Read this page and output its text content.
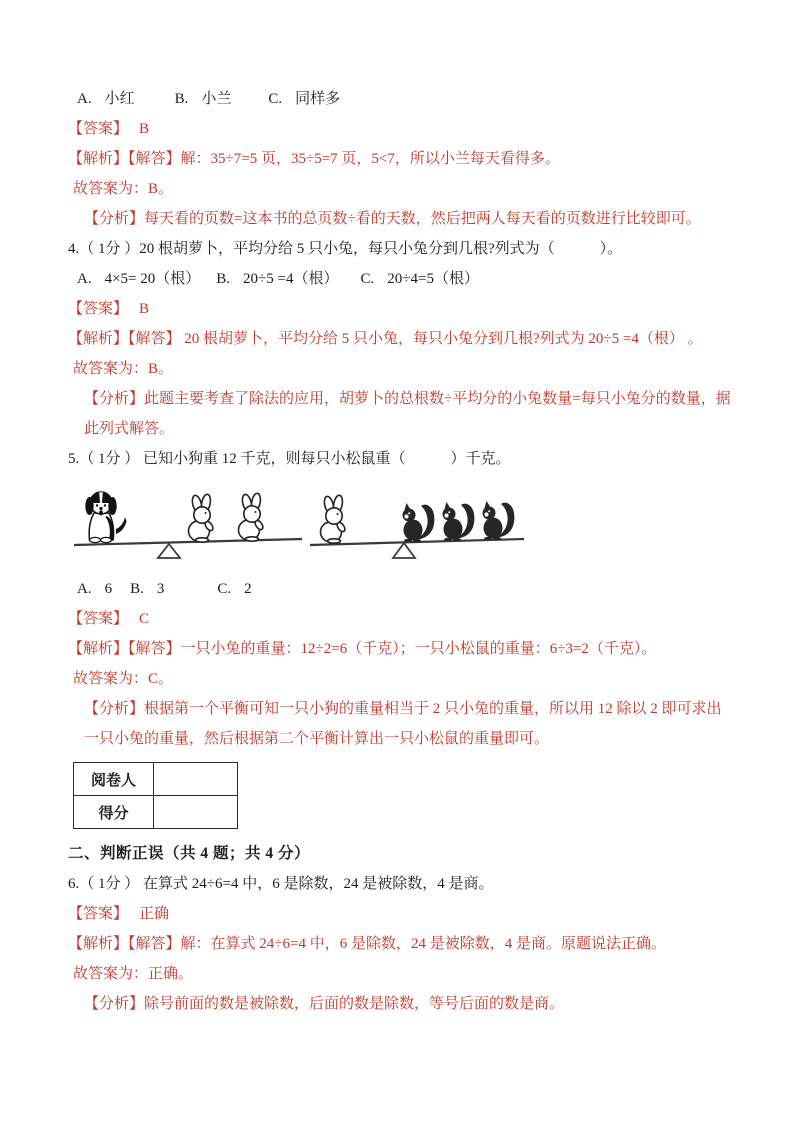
A. 小红	B. 小兰 C. 同样多

【答案】 B

【解析】【解答】解：35÷7=5 页，35÷5=7 页，5<7，所以小兰每天看得多。

故答案为：B。

【分析】每天看的页数=这本书的总页数÷看的天数，然后把两人每天看的页数进行比较即可。

4.（ 1分 ）20 根胡萝卜，平均分给 5 只小兔，每只小兔分到几根?列式为（　　　）。

A. 4×5= 20（根） B. 20÷5 =4（根） C. 20÷4=5（根）

【答案】 B

【解析】【解答】 20 根胡萝卜，平均分给 5 只小兔，每只小兔分到几根?列式为 20÷5 =4（根） 。

故答案为：B。

【分析】此题主要考查了除法的应用，胡萝卜的总根数÷平均分的小兔数量=每只小兔分的数量，据此列式解答。

5.（ 1分 ） 已知小狗重 12 千克，则每只小松鼠重（　　　）千克。

A. 6 B. 3	C. 2

【答案】 C

【解析】【解答】一只小兔的重量：12÷2=6（千克）；一只小松鼠的重量：6÷3=2（千克）。

故答案为：C。

【分析】根据第一个平衡可知一只小狗的重量相当于 2 只小兔的重量，所以用 12 除以 2 即可求出一只小兔的重量，然后根据第二个平衡计算出一只小松鼠的重量即可。

阅卷人	
得分	

二、判断正误（共 4 题；共 4 分）

6.（ 1分 ） 在算式 24÷6=4 中，6 是除数，24 是被除数，4 是商。

【答案】 正确

【解析】【解答】解：在算式 24÷6=4 中，6 是除数，24 是被除数，4 是商。原题说法正确。

故答案为：正确。

【分析】除号前面的数是被除数，后面的数是除数，等号后面的数是商。
